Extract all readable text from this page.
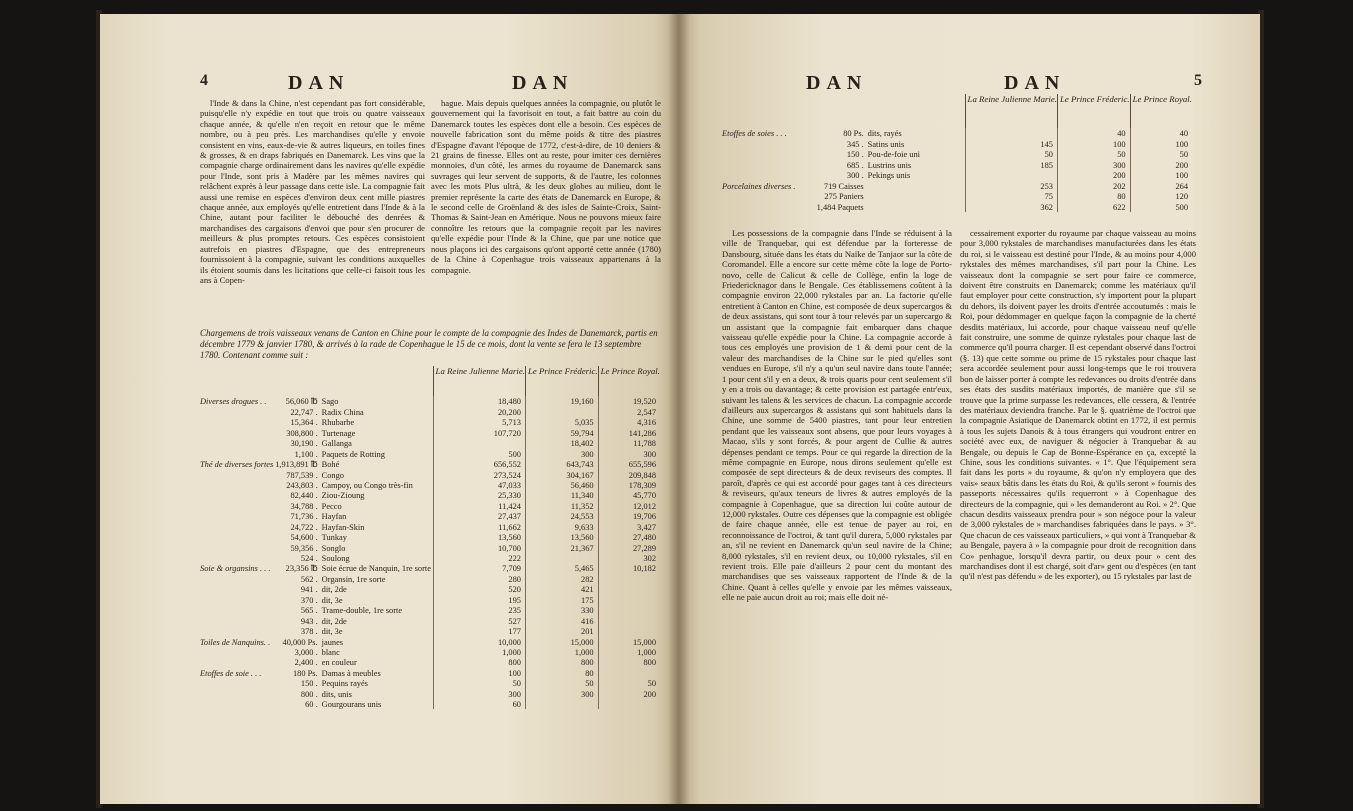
4	DAN	DAN

l'Inde & dans la Chine, n'est cependant pas fort considérable, puisqu'elle n'y expédie en tout que trois ou quatre vaisseaux chaque année, & qu'elle n'en reçoit en retour que le même nombre, ou à peu près. Les marchandises qu'elle y envoie consistent en vins, eaux-de-vie & autres liqueurs, en toiles fines & grosses, & en draps fabriqués en Danemarck. Les vins que la compagnie charge ordinairement dans les navires qu'elle expédie pour l'Inde, sont pris à Madère par les mêmes navires qui relâchent exprès à leur passage dans cette isle. La compagnie fait aussi une remise en espèces d'environ deux cent mille piastres chaque année, aux employés qu'elle entretient dans l'Inde & à la Chine, autant pour faciliter le débouché des denrées & marchandises des cargaisons d'envoi que pour s'en procurer de meilleurs & plus promptes retours. Ces espèces consistoient autrefois en piastres d'Espagne, que des entrepreneurs fournissoient à la compagnie, suivant les conditions auxquelles ils étoient soumis dans les licitations que celle-ci faisoit tous les ans à Copen-

hague. Mais depuis quelques années la compagnie, ou plutôt le gouvernement qui la favorisoit en tout, a fait battre au coin du Danemarck toutes les espèces dont elle a besoin. Ces espèces de nouvelle fabrication sont du même poids & titre des piastres d'Espagne d'avant l'époque de 1772, c'est-à-dire, de 10 deniers & 21 grains de finesse. Elles ont au reste, pour imiter ces dernières monnoies, d'un côté, les armes du royaume de Danemarck sans suvrages qui leur servent de supports, & de l'autre, les colonnes avec les mots Plus ultrà, & les deux globes au milieu, dont le premier représente la carte des états de Danemarck en Europe, & le second celle de Groënland & des isles de Sainte-Croix, Saint-Thomas & Saint-Jean en Amérique. Nous ne pouvons mieux faire connoître les retours que la compagnie reçoit par les navires qu'elle expédie pour l'Inde & la Chine, que par une notice que nous plaçons ici des cargaisons qu'ont apporté cette année (1780) de la Chine à Copenhague trois vaisseaux appartenans à la compagnie.

Chargemens de trois vaisseaux venans de Canton en Chine pour le compte de la compagnie des Indes de Danemarck, partis en décembre 1779 & janvier 1780, & arrivés à la rade de Copenhague le 15 de ce mois, dont la vente se fera le 13 septembre 1780. Contenant comme suit :
			La Reine Julienne Marie.	Le Prince Fréderic.	Le Prince Royal.
Diverses drogues . .	56,060 ℔	Sago	18,480	19,160	19,520
	22,747 .	Radix China	20,200		2,547
	15,364 .	Rhubarbe	5,713	5,035	4,316
	308,800 .	Turtenage	107,720	59,794	141,286
	30,190 .	Gallanga		18,402	11,788
	1,100 .	Paquets de Rotting	500	300	300
Thé de diverses fortes	1,913,891 ℔	Bohé	656,552	643,743	655,596
	787,539 .	Congo	273,524	304,167	209,848
	243,803 .	Campoy, ou Congo très-fin	47,033	56,460	178,309
	82,440 .	Ziou-Zioung	25,330	11,340	45,770
	34,788 .	Pecco	11,424	11,352	12,012
	71,736 .	Hayfan	27,437	24,553	19,706
	24,722 .	Hayfan-Skin	11,662	9,633	3,427
	54,600 .	Tunkay	13,560	13,560	27,480
	59,356 .	Songlo	10,700	21,367	27,289
	524 .	Soulong	222		302
Soie & organsins . . .	23,356 ℔	Soie écrue de Nanquin, 1re sorte	7,709	5,465	10,182
	562 .	Organsin, 1re sorte	280	282	
	941 .	dit, 2de	520	421	
	370 .	dit, 3e	195	175	
	565 .	Trame-double, 1re sorte	235	330	
	943 .	dit, 2de	527	416	
	378 .	dit, 3e	177	201	
Toiles de Nanquins. .	40,000 Ps.	jaunes	10,000	15,000	15,000
	3,000 .	blanc	1,000	1,000	1,000
	2,400 .	en couleur	800	800	800
Etoffes de soie . . .	180 Ps.	Damas à meubles	100	80	
	150 .	Pequins rayés	50	50	50
	800 .	dits, unis	300	300	200
	60 .	Gourgourans unis	60		
DAN	DAN	5
			La Reine Julienne Marie.	Le Prince Fréderic.	Le Prince Royal.
Etoffes de soies . . .	80 Ps.	dits, rayés		40	40
	345 .	Satins unis	145	100	100
	150 .	Pou-de-foie uni	50	50	50
	685 .	Lustrins unis	185	300	200
	300 .	Pekings unis		200	100
Porcelaines diverses .	719 Caisses		253	202	264
	275 Paniers		75	80	120
	1,484 Paquets		362	622	500

Les possessions de la compagnie dans l'Inde se réduisent à la ville de Tranquebar, qui est défendue par la forteresse de Dansbourg, située dans les états du Naïke de Tanjaor sur la côte de Coromandel. Elle a encore sur cette même côte la loge de Porto-novo, celle de Calicut & celle de Collège, enfin la loge de Friedericknagor dans le Bengale. Ces établissemens coûtent à la compagnie environ 22,000 rykstales par an. La factorie qu'elle entretient à Canton en Chine, est composée de deux supercargos & de deux assistans, qui sont tour à tour relevés par un supercargo & un assistant que la compagnie fait embarquer dans chaque vaisseau qu'elle expédie pour la Chine. La compagnie accorde à tous ces employés une provision de 1 & demi pour cent de la valeur des marchandises de la Chine sur le pied qu'elles sont vendues en Europe, s'il n'y a qu'un seul navire dans toute l'année; 1 pour cent s'il y en a deux, & trois quarts pour cent seulement s'il y en a trois ou davantage; & cette provision est partagée entr'eux, suivant les talens & les services de chacun. La compagnie accorde d'ailleurs aux supercargos & assistans qui sont habituels dans la Chine, une somme de 5400 piastres, tant pour leur entretien pendant que les vaisseaux sont absens, que pour leurs voyages à Macao, s'ils y sont forcés, & pour argent de Cullie & autres dépenses pendant ce temps. Pour ce qui regarde la direction de la même compagnie en Europe, nous dirons seulement qu'elle est composée de sept directeurs & de deux reviseurs des comptes. Il paroît, d'après ce qui est accordé pour gages tant à ces directeurs & reviseurs, qu'aux teneurs de livres & autres employés de la compagnie à Copenhague, que sa direction lui coûte autour de 12,000 rykstales. Outre ces dépenses que la compagnie est obligée de faire chaque année, elle est tenue de payer au roi, en reconnoissance de l'octroi, & tant qu'il durera, 5,000 rykstales par an, s'il ne revient en Danemarck qu'un seul navire de la Chine; 8,000 rykstales, s'il en revient deux, ou 10,000 rykstales, s'il en revient trois. Elle paie d'ailleurs 2 pour cent du montant des marchandises que ses vaisseaux rapportent de l'Inde & de la Chine. Quant à celles qu'elle y envoie par les mêmes vaisseaux, elle ne paie aucun droit au roi; mais elle doit né-

cessairement exporter du royaume par chaque vaisseau au moins pour 3,000 rykstales de marchandises manufacturées dans les états du roi, si le vaisseau est destiné pour l'Inde, & au moins pour 4,000 rykstales des mêmes marchandises, s'il part pour la Chine. Les vaisseaux dont la compagnie se sert pour faire ce commerce, doivent être construits en Danemarck; comme les matériaux qu'il faut employer pour cette construction, s'y importent pour la plupart du dehors, ils doivent payer les droits d'entrée accoutumés : mais le Roi, pour dédommager en quelque façon la compagnie de la cherté desdits matériaux, lui accorde, pour chaque vaisseau neuf qu'elle fait construire, une somme de quinze rykstales pour chaque last de commerce qu'il pourra charger. Il est cependant observé dans l'octroi (§. 13) que cette somme ou prime de 15 rykstales pour chaque last sera accordée seulement pour aussi long-temps que le roi trouvera bon de laisser porter à compte les redevances ou droits d'entrée dans ses états des susdits matériaux importés, de manière que s'il se trouve que la prime surpasse les redevances, elle cessera, & l'entrée des matériaux deviendra franche. Par le §. quatrième de l'octroi que la compagnie Asiatique de Danemarck obtint en 1772, il est permis à tous les sujets Danois & à tous étrangers qui voudront entrer en société avec eux, de naviguer & négocier à Tranquebar & au Bengale, ou depuis le Cap de Bonne-Espérance en ça, excepté la Chine, sous les conditions suivantes. « 1°. Que l'équipement sera fait dans les ports » du royaume, & qu'on n'y employera que des vais» seaux bâtis dans les états du Roi, & qu'ils seront » fournis des passeports nécessaires qu'ils requerront » à Copenhague des directeurs de la compagnie, qui » les demanderont au Roi. » 2°. Que chacun desdits vaisseaux prendra pour » son négoce pour la valeur de 3,000 rykstales de » marchandises fabriquées dans le pays. » 3°. Que chacun de ces vaisseaux particuliers, » qui vont à Tranquebar & au Bengale, payera à » la compagnie pour droit de recognition dans Co» penhague, lorsqu'il devra partir, ou deux pour » cent des marchandises dont il est chargé, soit d'ar» gent ou d'espèces (en tant qu'il n'est pas défendu » de les exporter), ou 15 rykstales par last de
